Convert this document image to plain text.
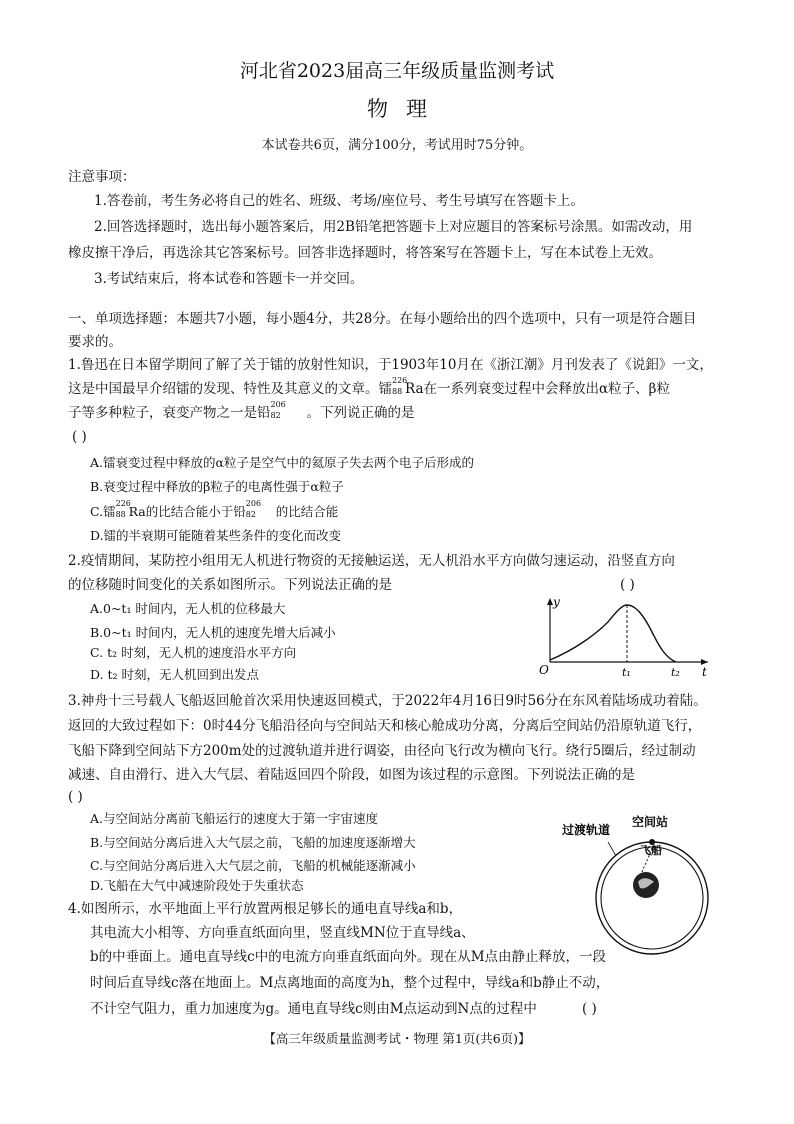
河北省2023届高三年级质量监测考试
物理
本试卷共6页，满分100分，考试用时75分钟。
注意事项：
1.答卷前，考生务必将自己的姓名、班级、考场/座位号、考生号填写在答题卡上。
2.回答选择题时，选出每小题答案后，用2B铅笔把答题卡上对应题目的答案标号涂黑。如需改动，用
橡皮擦干净后，再选涂其它答案标号。回答非选择题时，将答案写在答题卡上，写在本试卷上无效。
3.考试结束后，将本试卷和答题卡一并交回。
一、单项选择题：本题共7小题，每小题4分，共28分。在每小题给出的四个选项中，只有一项是符合题目
要求的。
1.鲁迅在日本留学期间了解了关于镭的放射性知识，于1903年10月在《浙江潮》月刊发表了《说鈤》一文，
这是中国最早介绍镭的发现、特性及其意义的文章。镭
226
88 Ra在一系列衰变过程中会释放出α粒子、β粒
子等多种粒子，衰变产物之一是铅
206
82 。下列说正确的是
( )
A.镭衰变过程中释放的α粒子是空气中的氦原子失去两个电子后形成的
B.衰变过程中释放的β粒子的电离性强于α粒子
C.镭
226
88 Ra的比结合能小于铅
206
82 的比结合能
D.镭的半衰期可能随着某些条件的变化而改变
2.疫情期间，某防控小组用无人机进行物资的无接触运送，无人机沿水平方向做匀速运动，沿竖直方向
的位移随时间变化的关系如图所示。下列说法正确的是	( )
A.0~t₁ 时间内，无人机的位移最大
B.0~t₁ 时间内，无人机的速度先增大后减小
C. t₂ 时刻，无人机的速度沿水平方向
D. t₂ 时刻，无人机回到出发点
y
t
O	t₁	t₂
3.神舟十三号载人飞船返回舱首次采用快速返回模式，于2022年4月16日9时56分在东风着陆场成功着陆。
返回的大致过程如下：0时44分飞船沿径向与空间站天和核心舱成功分离，分离后空间站仍沿原轨道飞行，
飞船下降到空间站下方200m处的过渡轨道并进行调姿，由径向飞行改为横向飞行。绕行5圈后，经过制动
减速、自由滑行、进入大气层、着陆返回四个阶段，如图为该过程的示意图。下列说法正确的是
( )
A.与空间站分离前飞船运行的速度大于第一宇宙速度
B.与空间站分离后进入大气层之前，飞船的加速度逐渐增大
C.与空间站分离后进入大气层之前，飞船的机械能逐渐减小
D.飞船在大气中减速阶段处于失重状态
过渡轨道
空间站
飞船
4.如图所示，水平地面上平行放置两根足够长的通电直导线a和b，
其电流大小相等、方向垂直纸面向里，竖直线MN位于直导线a、
b的中垂面上。通电直导线c中的电流方向垂直纸面向外。现在从M点由静止释放，一段
时间后直导线c落在地面上。M点离地面的高度为h，整个过程中，导线a和b静止不动，
不计空气阻力，重力加速度为g。通电直导线c则由M点运动到N点的过程中	( )
【高三年级质量监测考试・物理 第1页(共6页)】
